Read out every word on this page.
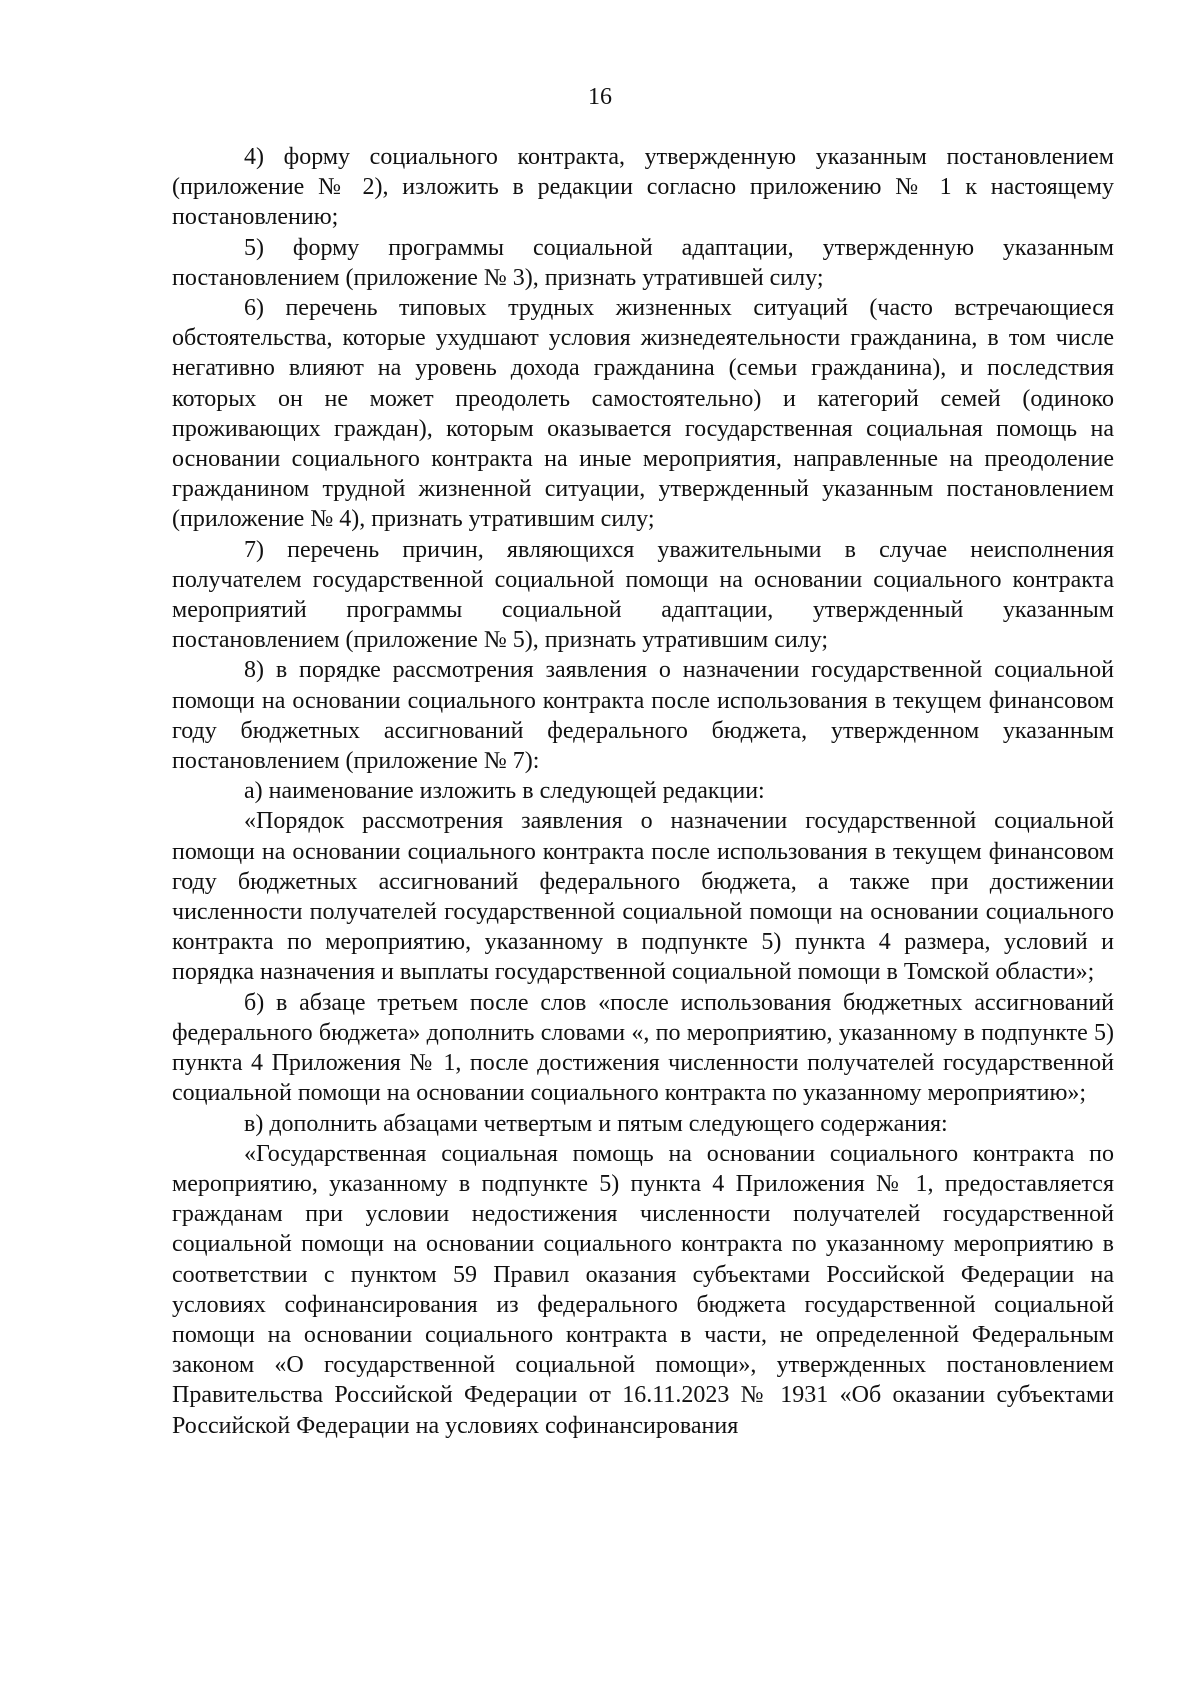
16

4) форму социального контракта, утвержденную указанным постановлением (приложение № 2), изложить в редакции согласно приложению № 1 к настоящему постановлению;

5) форму программы социальной адаптации, утвержденную указанным постановлением (приложение № 3), признать утратившей силу;

6) перечень типовых трудных жизненных ситуаций (часто встречающиеся обстоятельства, которые ухудшают условия жизнедеятельности гражданина, в том числе негативно влияют на уровень дохода гражданина (семьи гражданина), и последствия которых он не может преодолеть самостоятельно) и категорий семей (одиноко проживающих граждан), которым оказывается государственная социальная помощь на основании социального контракта на иные мероприятия, направленные на преодоление гражданином трудной жизненной ситуации, утвержденный указанным постановлением (приложение № 4), признать утратившим силу;

7) перечень причин, являющихся уважительными в случае неисполнения получателем государственной социальной помощи на основании социального контракта мероприятий программы социальной адаптации, утвержденный указанным постановлением (приложение № 5), признать утратившим силу;

8) в порядке рассмотрения заявления о назначении государственной социальной помощи на основании социального контракта после использования в текущем финансовом году бюджетных ассигнований федерального бюджета, утвержденном указанным постановлением (приложение № 7):

а) наименование изложить в следующей редакции:

«Порядок рассмотрения заявления о назначении государственной социальной помощи на основании социального контракта после использования в текущем финансовом году бюджетных ассигнований федерального бюджета, а также при достижении численности получателей государственной социальной помощи на основании социального контракта по мероприятию, указанному в подпункте 5) пункта 4 размера, условий и порядка назначения и выплаты государственной социальной помощи в Томской области»;

б) в абзаце третьем после слов «после использования бюджетных ассигнований федерального бюджета» дополнить словами «, по мероприятию, указанному в подпункте 5) пункта 4 Приложения № 1, после достижения численности получателей государственной социальной помощи на основании социального контракта по указанному мероприятию»;

в) дополнить абзацами четвертым и пятым следующего содержания:

«Государственная социальная помощь на основании социального контракта по мероприятию, указанному в подпункте 5) пункта 4 Приложения № 1, предоставляется гражданам при условии недостижения численности получателей государственной социальной помощи на основании социального контракта по указанному мероприятию в соответствии с пунктом 59 Правил оказания субъектами Российской Федерации на условиях софинансирования из федерального бюджета государственной социальной помощи на основании социального контракта в части, не определенной Федеральным законом «О государственной социальной помощи», утвержденных постановлением Правительства Российской Федерации от 16.11.2023 № 1931 «Об оказании субъектами Российской Федерации на условиях софинансирования
